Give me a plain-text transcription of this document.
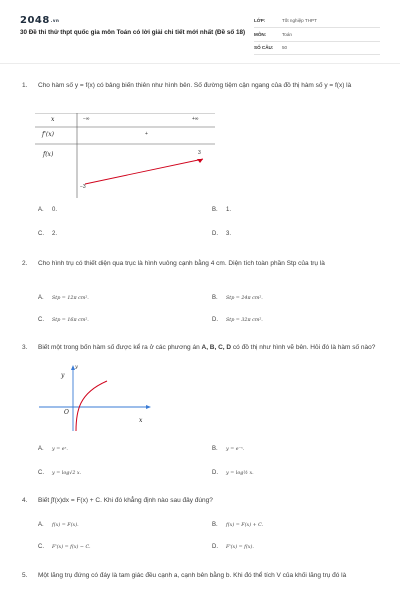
2048.vn
30 Đề thi thử thpt quốc gia môn Toán có lời giải chi tiết mới nhất (Đề số 18)
LỚP:	Tốt nghiệp THPT
MÔN:	Toán
SỐ CÂU: 50
1. Cho hàm số y = f(x) có bảng biến thiên như hình bên. Số đường tiệm cận ngang của đồ thị hàm số y = f(x) là
x	−∞	+∞
f'(x)	+
f(x)	3
−3
A. 0.	B. 1.
C. 2.	D. 3.
2. Cho hình trụ có thiết diện qua trục là hình vuông cạnh bằng 4 cm. Diện tích toàn phần Stp của trụ là
A. Stp = 12π cm².	B. Stp = 24π cm².
C. Stp = 16π cm².	D. Stp = 32π cm².
3. Biết một trong bốn hàm số được kể ra ở các phương án A, B, C, D có đồ thị như hình vẽ bên. Hỏi đó là hàm số nào?
y
y
O
x
A. y = eˣ.	B. y = e⁻ˣ.
C. y = log√2 x.	D. y = log½ x.
4. Biết ∫f(x)dx = F(x) + C. Khi đó khẳng định nào sau đây đúng?
A. f(x) = F(x).	B. f(x) = F(x) + C.
C. F'(x) = f(x) − C.	D. F'(x) = f(x).
5. Một lăng trụ đứng có đáy là tam giác đều cạnh a, cạnh bên bằng b. Khi đó thể tích V của khối lăng trụ đó là
